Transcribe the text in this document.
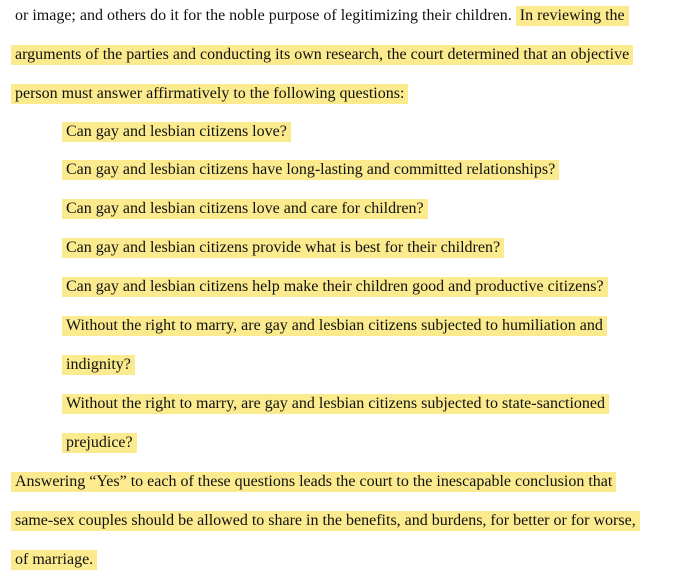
or image; and others do it for the noble purpose of legitimizing their children. In reviewing the
arguments of the parties and conducting its own research, the court determined that an objective
person must answer affirmatively to the following questions:
Can gay and lesbian citizens love?
Can gay and lesbian citizens have long-lasting and committed relationships?
Can gay and lesbian citizens love and care for children?
Can gay and lesbian citizens provide what is best for their children?
Can gay and lesbian citizens help make their children good and productive citizens?
Without the right to marry, are gay and lesbian citizens subjected to humiliation and
indignity?
Without the right to marry, are gay and lesbian citizens subjected to state-sanctioned
prejudice?
Answering “Yes” to each of these questions leads the court to the inescapable conclusion that
same-sex couples should be allowed to share in the benefits, and burdens, for better or for worse,
of marriage.
